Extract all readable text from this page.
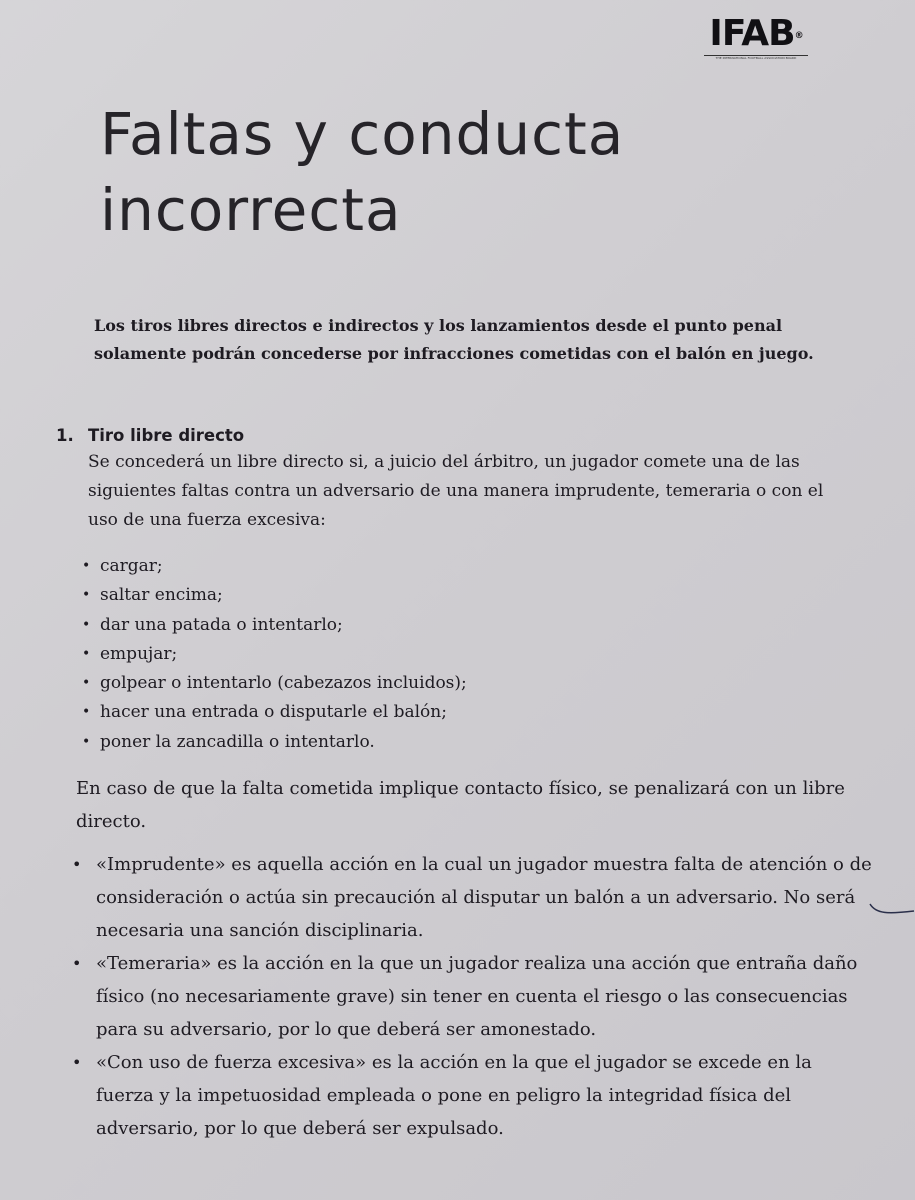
IFAB®
THE INTERNATIONAL FOOTBALL ASSOCIATION BOARD
Faltas y conducta incorrecta

Los tiros libres directos e indirectos y los lanzamientos desde el punto penal solamente podrán concederse por infracciones cometidas con el balón en juego.

1. Tiro libre directo

Se concederá un libre directo si, a juicio del árbitro, un jugador comete una de las siguientes faltas contra un adversario de una manera imprudente, temeraria o con el uso de una fuerza excesiva:

• cargar;
• saltar encima;
• dar una patada o intentarlo;
• empujar;
• golpear o intentarlo (cabezazos incluidos);
• hacer una entrada o disputarle el balón;
• poner la zancadilla o intentarlo.

En caso de que la falta cometida implique contacto físico, se penalizará con un libre directo.

• «Imprudente» es aquella acción en la cual un jugador muestra falta de atención o de consideración o actúa sin precaución al disputar un balón a un adversario. No será necesaria una sanción disciplinaria.
• «Temeraria» es la acción en la que un jugador realiza una acción que entraña daño físico (no necesariamente grave) sin tener en cuenta el riesgo o las consecuencias para su adversario, por lo que deberá ser amonestado.
• «Con uso de fuerza excesiva» es la acción en la que el jugador se excede en la fuerza y la impetuosidad empleada o pone en peligro la integridad física del adversario, por lo que deberá ser expulsado.
